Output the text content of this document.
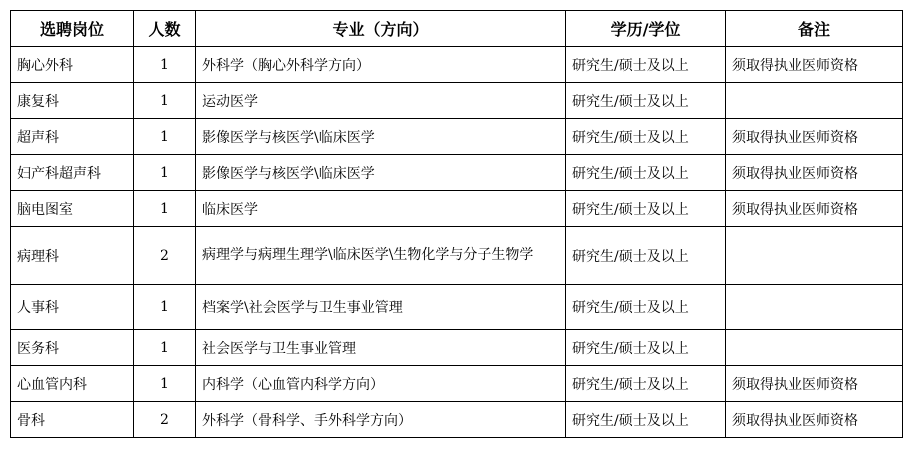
选聘岗位	人数	专业（方向）	学历/学位	备注
胸心外科	1	外科学（胸心外科学方向）	研究生/硕士及以上	须取得执业医师资格
康复科	1	运动医学	研究生/硕士及以上	
超声科	1	影像医学与核医学\临床医学	研究生/硕士及以上	须取得执业医师资格
妇产科超声科	1	影像医学与核医学\临床医学	研究生/硕士及以上	须取得执业医师资格
脑电图室	1	临床医学	研究生/硕士及以上	须取得执业医师资格
病理科	2	病理学与病理生理学\临床医学\生物化学与分子生物学	研究生/硕士及以上	
人事科	1	档案学\社会医学与卫生事业管理	研究生/硕士及以上	
医务科	1	社会医学与卫生事业管理	研究生/硕士及以上	
心血管内科	1	内科学（心血管内科学方向）	研究生/硕士及以上	须取得执业医师资格
骨科	2	外科学（骨科学、手外科学方向）	研究生/硕士及以上	须取得执业医师资格
